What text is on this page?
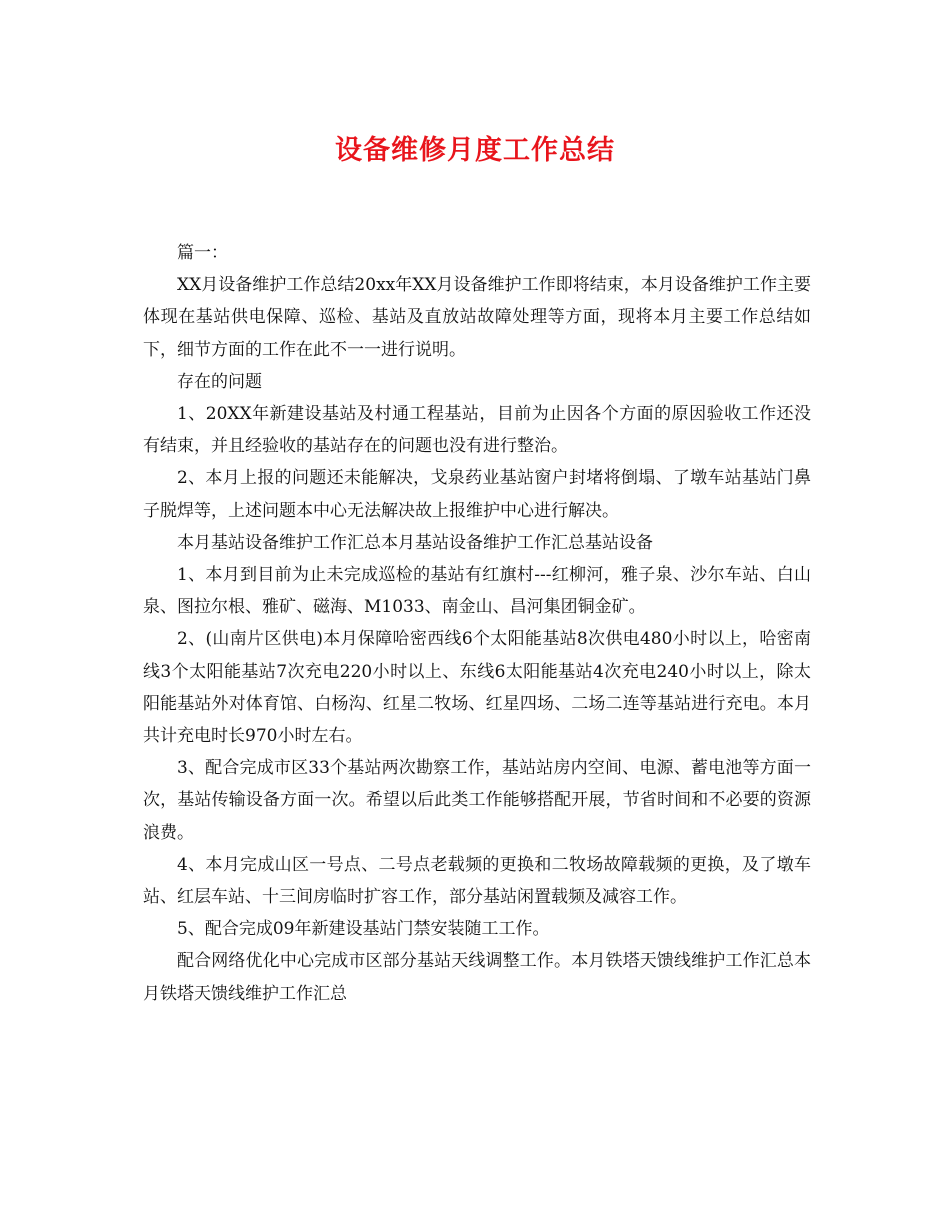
设备维修月度工作总结

篇一：

XX月设备维护工作总结20xx年XX月设备维护工作即将结束，本月设备维护工作主要体现在基站供电保障、巡检、基站及直放站故障处理等方面，现将本月主要工作总结如下，细节方面的工作在此不一一进行说明。

存在的问题

1、20XX年新建设基站及村通工程基站，目前为止因各个方面的原因验收工作还没有结束，并且经验收的基站存在的问题也没有进行整治。

2、本月上报的问题还未能解决，戈泉药业基站窗户封堵将倒塌、了墩车站基站门鼻子脱焊等，上述问题本中心无法解决故上报维护中心进行解决。

本月基站设备维护工作汇总本月基站设备维护工作汇总基站设备

1、本月到目前为止未完成巡检的基站有红旗村---红柳河，雅子泉、沙尔车站、白山泉、图拉尔根、雅矿、磁海、M1033、南金山、昌河集团铜金矿。

2、(山南片区供电)本月保障哈密西线6个太阳能基站8次供电480小时以上，哈密南线3个太阳能基站7次充电220小时以上、东线6太阳能基站4次充电240小时以上，除太阳能基站外对体育馆、白杨沟、红星二牧场、红星四场、二场二连等基站进行充电。本月共计充电时长970小时左右。

3、配合完成市区33个基站两次勘察工作，基站站房内空间、电源、蓄电池等方面一次，基站传输设备方面一次。希望以后此类工作能够搭配开展，节省时间和不必要的资源浪费。

4、本月完成山区一号点、二号点老载频的更换和二牧场故障载频的更换，及了墩车站、红层车站、十三间房临时扩容工作，部分基站闲置载频及减容工作。

5、配合完成09年新建设基站门禁安装随工工作。

配合网络优化中心完成市区部分基站天线调整工作。本月铁塔天馈线维护工作汇总本月铁塔天馈线维护工作汇总
